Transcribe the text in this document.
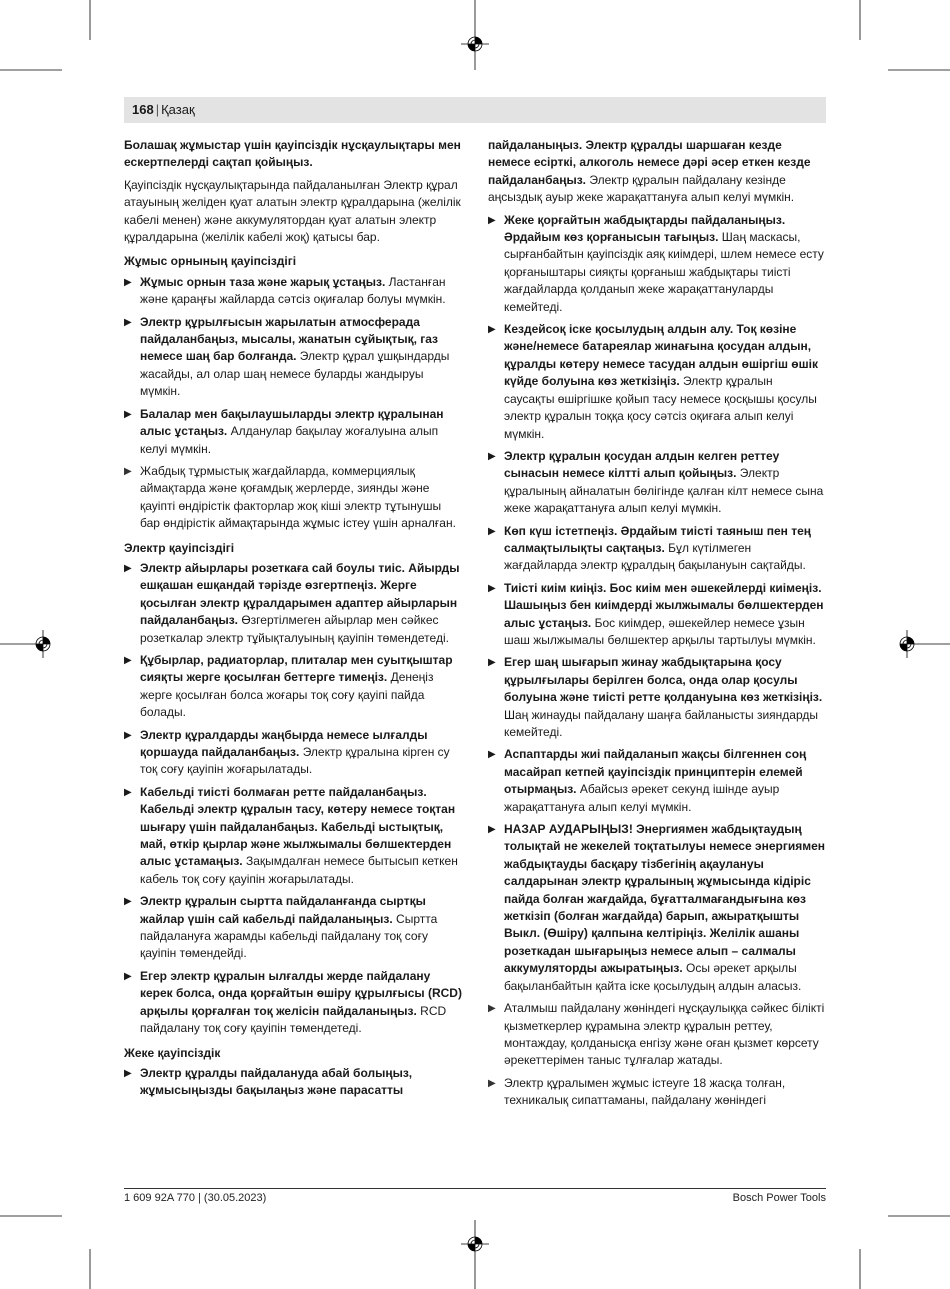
168 | Қазақ

Болашақ жұмыстар үшін қауіпсіздік нұсқаулықтары мен ескертпелерді сақтап қойыңыз.

Қауіпсіздік нұсқаулықтарында пайдаланылған Электр құрал атауының желіден қуат алатын электр құралдарына (желілік кабелі менен) және аккумулятордан қуат алатын электр құралдарына (желілік кабелі жоқ) қатысы бар.

Жұмыс орнының қауіпсіздігі
▶ Жұмыс орнын таза және жарық ұстаңыз. Ластанған және қараңғы жайларда сәтсіз оқиғалар болуы мүмкін.
▶ Электр құрылғысын жарылатын атмосферада пайдаланбаңыз, мысалы, жанатын сұйықтық, газ немесе шаң бар болғанда. Электр құрал ұшқындарды жасайды, ал олар шаң немесе буларды жандыруы мүмкін.
▶ Балалар мен бақылаушыларды электр құралынан алыс ұстаңыз. Алданулар бақылау жоғалуына алып келуі мүмкін.
▶ Жабдық тұрмыстық жағдайларда, коммерциялық аймақтарда және қоғамдық жерлерде, зиянды және қауіпті өндірістік факторлар жоқ кіші электр тұтынушы бар өндірістік аймақтарында жұмыс істеу үшін арналған.
Электр қауіпсіздігі
▶ Электр айырлары розеткаға сай боулы тиіс. Айырды ешқашан ешқандай тәрізде өзгертпеңіз. Жерге қосылған электр құралдарымен адаптер айырларын пайдаланбаңыз. Өзгертілмеген айырлар мен сәйкес розеткалар электр тұйықталуының қауіпін төмендетеді.
▶ Құбырлар, радиаторлар, плиталар мен суытқыштар сияқты жерге қосылған беттерге тимеңіз. Денеңіз жерге қосылған болса жоғары тоқ соғу қауіпі пайда болады.
▶ Электр құралдарды жаңбырда немесе ылғалды қоршауда пайдаланбаңыз. Электр құралына кірген су тоқ соғу қауіпін жоғарылатады.
▶ Кабельді тиісті болмаған ретте пайдаланбаңыз. Кабельді электр құралын тасу, көтеру немесе тоқтан шығару үшін пайдаланбаңыз. Кабельді ыстықтық, май, өткір қырлар және жылжымалы бөлшектерден алыс ұстамаңыз. Зақымдалған немесе бытысып кеткен кабель тоқ соғу қауіпін жоғарылатады.
▶ Электр құралын сыртта пайдаланғанда сыртқы жайлар үшін сай кабельді пайдаланыңыз. Сыртта пайдалануға жарамды кабельді пайдалану тоқ соғу қауіпін төмендейді.
▶ Егер электр құралын ылғалды жерде пайдалану керек болса, онда қорғайтын өшіру құрылғысы (RCD) арқылы қорғалған тоқ желісін пайдаланыңыз. RCD пайдалану тоқ соғу қауіпін төмендетеді.
Жеке қауіпсіздік
▶ Электр құралды пайдалануда абай болыңыз, жұмысыңызды бақылаңыз және парасатты

пайдаланыңыз. Электр құралды шаршаған кезде немесе есірткі, алкоголь немесе дәрі әсер еткен кезде пайдаланбаңыз. Электр құралын пайдалану кезінде аңсыздық ауыр жеке жарақаттануға алып келуі мүмкін.

▶ Жеке қорғайтын жабдықтарды пайдаланыңыз. Әрдайым көз қорғанысын тағыңыз. Шаң маскасы, сырғанбайтын қауіпсіздік аяқ киімдері, шлем немесе есту қорғаныштары сияқты қорғаныш жабдықтары тиісті жағдайларда қолданып жеке жарақаттануларды кемейтеді.
▶ Кездейсоқ іске қосылудың алдын алу. Тоқ көзіне және/немесе батареялар жинағына қосудан алдын, құралды көтеру немесе тасудан алдын өшіргіш өшік күйде болуына көз жеткізіңіз. Электр құралын саусақты өшіргішке қойып тасу немесе қосқышы қосулы электр құралын тоққа қосу сәтсіз оқиғаға алып келуі мүмкін.
▶ Электр құралын қосудан алдын келген реттеу сынасын немесе кілтті алып қойыңыз. Электр құралының айналатын бөлігінде қалған кілт немесе сына жеке жарақаттануға алып келуі мүмкін.
▶ Көп күш істетпеңіз. Әрдайым тиісті таяныш пен тең салмақтылықты сақтаңыз. Бұл күтілмеген жағдайларда электр құралдың бақылануын сақтайды.
▶ Тиісті киім киіңіз. Бос киім мен әшекейлерді киімеңіз. Шашыңыз бен киімдерді жылжымалы бөлшектерден алыс ұстаңыз. Бос киімдер, әшекейлер немесе ұзын шаш жылжымалы бөлшектер арқылы тартылуы мүмкін.
▶ Егер шаң шығарып жинау жабдықтарына қосу құрылғылары берілген болса, онда олар қосулы болуына және тиісті ретте қолдануына көз жеткізіңіз. Шаң жинауды пайдалану шаңға байланысты зияндарды кемейтеді.
▶ Аспаптарды жиі пайдаланып жақсы білгеннен соң масайрап кетпей қауіпсіздік принциптерін елемей отырмаңыз. Абайсыз әрекет секунд ішінде ауыр жарақаттануға алып келуі мүмкін.
▶ НАЗАР АУДАРЫҢЫЗ! Энергиямен жабдықтаудың толықтай не жекелей тоқтатылуы немесе энергиямен жабдықтауды басқару тізбегінің ақаулануы салдарынан электр құралының жұмысында кідіріс пайда болған жағдайда, бұғатталмағандығына көз жеткізіп (болған жағдайда) барып, ажыратқышты Выкл. (Өшіру) қалпына келтіріңіз. Желілік ашаны розеткадан шығарыңыз немесе алып – салмалы аккумуляторды ажыратыңыз. Осы әрекет арқылы бақыланбайтын қайта іске қосылудың алдын аласыз.
▶ Аталмыш пайдалану жөніндегі нұсқаулыққа сәйкес білікті қызметкерлер құрамына электр құралын реттеу, монтаждау, қолданысқа енгізу және оған қызмет көрсету әрекеттерімен таныс тұлғалар жатады.
▶ Электр құралымен жұмыс істеуге 18 жасқа толған, техникалық сипаттаманы, пайдалану жөніндегі
1 609 92A 770 | (30.05.2023)	Bosch Power Tools
